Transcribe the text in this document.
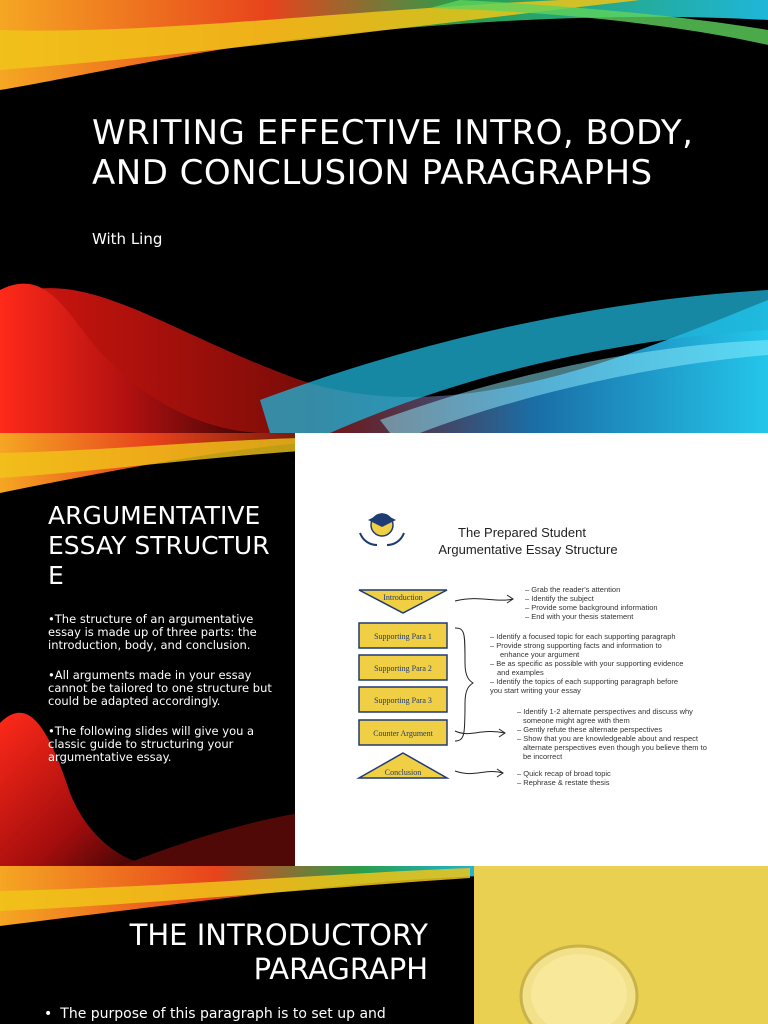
WRITING EFFECTIVE INTRO, BODY, AND CONCLUSION PARAGRAPHS

With Ling

ARGUMENTATIVE ESSAY STRUCTURE
•The structure of an argumentative essay is made up of three parts: the introduction, body, and conclusion.
•All arguments made in your essay cannot be tailored to one structure but could be adapted accordingly.
•The following slides will give you a classic guide to structuring your argumentative essay.
The Prepared Student
Argumentative Essay Structure
Introduction
Supporting Para 1
Supporting Para 2
Supporting Para 3
Counter Argument
Conclusion
– Grab the reader's attention
– Identify the subject
– Provide some background information
– End with your thesis statement
– Identify a focused topic for each supporting paragraph
– Provide strong supporting facts and information to
enhance your argument
– Be as specific as possible with your supporting evidence
and examples
– Identify the topics of each supporting paragraph before
you start writing your essay
– Identify 1-2 alternate perspectives and discuss why
someone might agree with them
– Gently refute these alternate perspectives
– Show that you are knowledgeable about and respect
alternate perspectives even though you believe them to
be incorrect
– Quick recap of broad topic
– Rephrase & restate thesis
THE INTRODUCTORY PARAGRAPH
• The purpose of this paragraph is to set up and
